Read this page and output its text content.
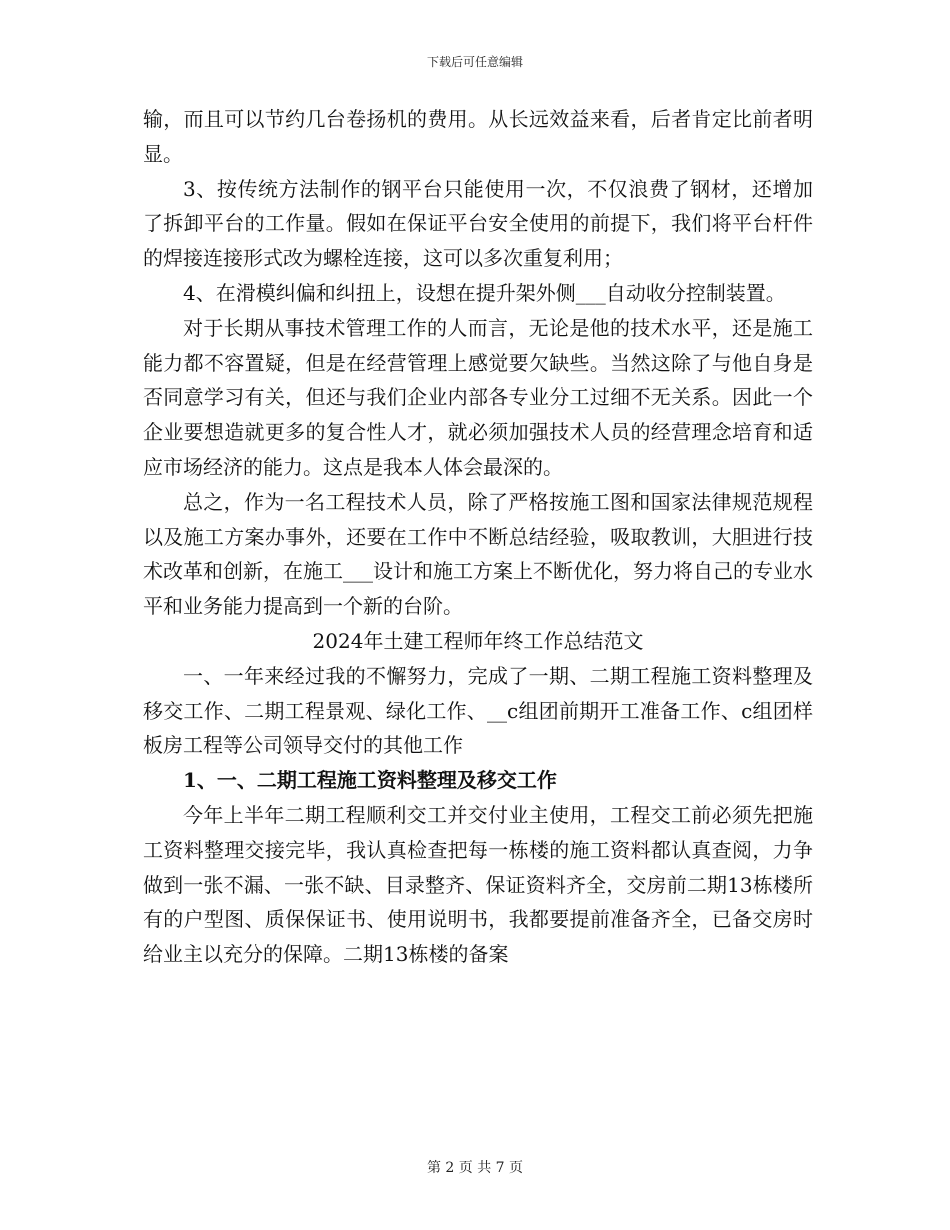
下载后可任意编辑

输，而且可以节约几台卷扬机的费用。从长远效益来看，后者肯定比前者明显。

3、按传统方法制作的钢平台只能使用一次，不仅浪费了钢材，还增加了拆卸平台的工作量。假如在保证平台安全使用的前提下，我们将平台杆件的焊接连接形式改为螺栓连接，这可以多次重复利用；

4、在滑模纠偏和纠扭上，设想在提升架外侧___自动收分控制装置。

对于长期从事技术管理工作的人而言，无论是他的技术水平，还是施工能力都不容置疑，但是在经营管理上感觉要欠缺些。当然这除了与他自身是否同意学习有关，但还与我们企业内部各专业分工过细不无关系。因此一个企业要想造就更多的复合性人才，就必须加强技术人员的经营理念培育和适应市场经济的能力。这点是我本人体会最深的。

总之，作为一名工程技术人员，除了严格按施工图和国家法律规范规程以及施工方案办事外，还要在工作中不断总结经验，吸取教训，大胆进行技术改革和创新，在施工___设计和施工方案上不断优化，努力将自己的专业水平和业务能力提高到一个新的台阶。

2024年土建工程师年终工作总结范文

一、一年来经过我的不懈努力，完成了一期、二期工程施工资料整理及移交工作、二期工程景观、绿化工作、__c组团前期开工准备工作、c组团样板房工程等公司领导交付的其他工作

1、一、二期工程施工资料整理及移交工作

今年上半年二期工程顺利交工并交付业主使用，工程交工前必须先把施工资料整理交接完毕，我认真检查把每一栋楼的施工资料都认真查阅，力争做到一张不漏、一张不缺、目录整齐、保证资料齐全，交房前二期13栋楼所有的户型图、质保保证书、使用说明书，我都要提前准备齐全，已备交房时给业主以充分的保障。二期13栋楼的备案

第 2 页 共 7 页
